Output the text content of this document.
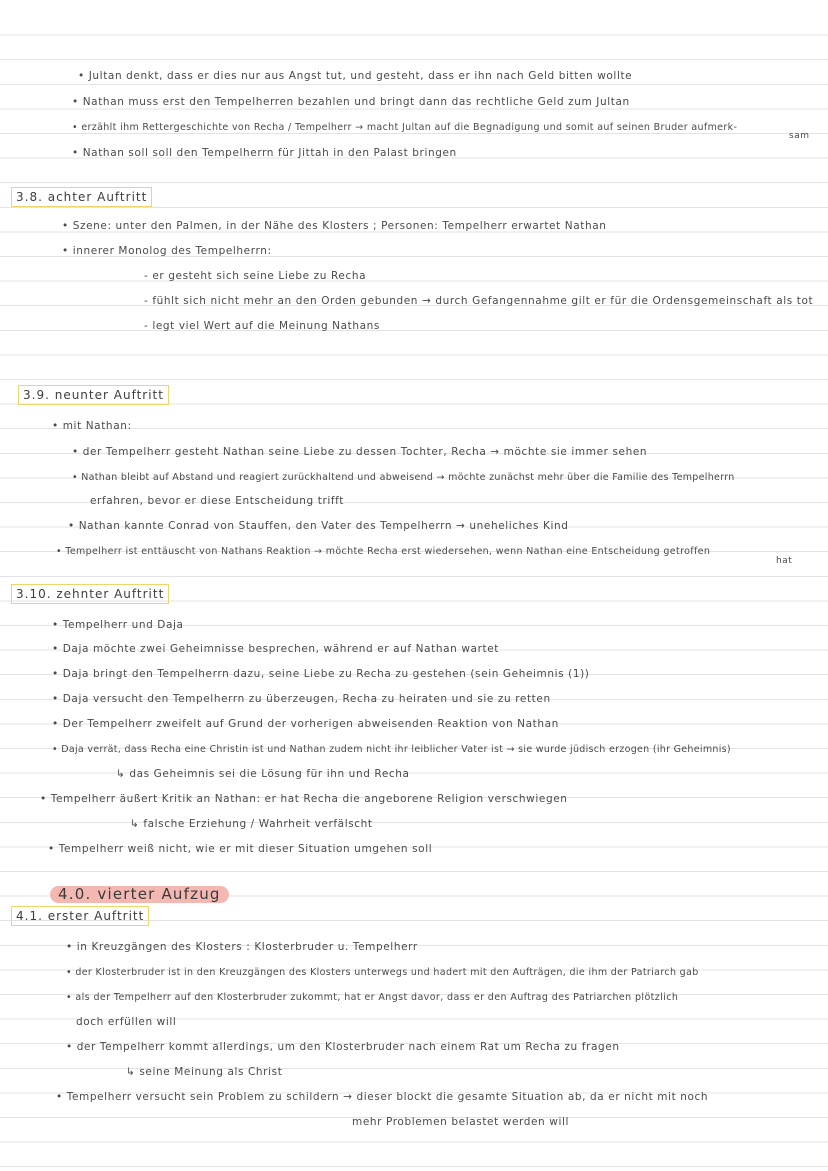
• Jultan denkt, dass er dies nur aus Angst tut, und gesteht, dass er ihn nach Geld bitten wollte
• Nathan muss erst den Tempelherren bezahlen und bringt dann das rechtliche Geld zum Jultan
• erzählt ihm Rettergeschichte von Recha / Tempelherr → macht Jultan auf die Begnadigung und somit auf seinen Bruder aufmerk-
sam
• Nathan soll soll den Tempelherrn für Jittah in den Palast bringen
3.8. achter Auftritt
• Szene: unter den Palmen, in der Nähe des Klosters ; Personen: Tempelherr erwartet Nathan
• innerer Monolog des Tempelherrn:
- er gesteht sich seine Liebe zu Recha
- fühlt sich nicht mehr an den Orden gebunden → durch Gefangennahme gilt er für die Ordensgemeinschaft als tot
- legt viel Wert auf die Meinung Nathans
3.9. neunter Auftritt
• mit Nathan:
• der Tempelherr gesteht Nathan seine Liebe zu dessen Tochter, Recha → möchte sie immer sehen
• Nathan bleibt auf Abstand und reagiert zurückhaltend und abweisend → möchte zunächst mehr über die Familie des Tempelherrn
erfahren, bevor er diese Entscheidung trifft
• Nathan kannte Conrad von Stauffen, den Vater des Tempelherrn → uneheliches Kind
• Tempelherr ist enttäuscht von Nathans Reaktion → möchte Recha erst wiedersehen, wenn Nathan eine Entscheidung getroffen
hat
3.10. zehnter Auftritt
• Tempelherr und Daja
• Daja möchte zwei Geheimnisse besprechen, während er auf Nathan wartet
• Daja bringt den Tempelherrn dazu, seine Liebe zu Recha zu gestehen (sein Geheimnis (1))
• Daja versucht den Tempelherrn zu überzeugen, Recha zu heiraten und sie zu retten
• Der Tempelherr zweifelt auf Grund der vorherigen abweisenden Reaktion von Nathan
• Daja verrät, dass Recha eine Christin ist und Nathan zudem nicht ihr leiblicher Vater ist → sie wurde jüdisch erzogen (ihr Geheimnis)
↳ das Geheimnis sei die Lösung für ihn und Recha
• Tempelherr äußert Kritik an Nathan: er hat Recha die angeborene Religion verschwiegen
↳ falsche Erziehung / Wahrheit verfälscht
• Tempelherr weiß nicht, wie er mit dieser Situation umgehen soll
4.0. vierter Aufzug
4.1. erster Auftritt
• in Kreuzgängen des Klosters : Klosterbruder u. Tempelherr
• der Klosterbruder ist in den Kreuzgängen des Klosters unterwegs und hadert mit den Aufträgen, die ihm der Patriarch gab
• als der Tempelherr auf den Klosterbruder zukommt, hat er Angst davor, dass er den Auftrag des Patriarchen plötzlich
doch erfüllen will
• der Tempelherr kommt allerdings, um den Klosterbruder nach einem Rat um Recha zu fragen
↳ seine Meinung als Christ
• Tempelherr versucht sein Problem zu schildern → dieser blockt die gesamte Situation ab, da er nicht mit noch
mehr Problemen belastet werden will
